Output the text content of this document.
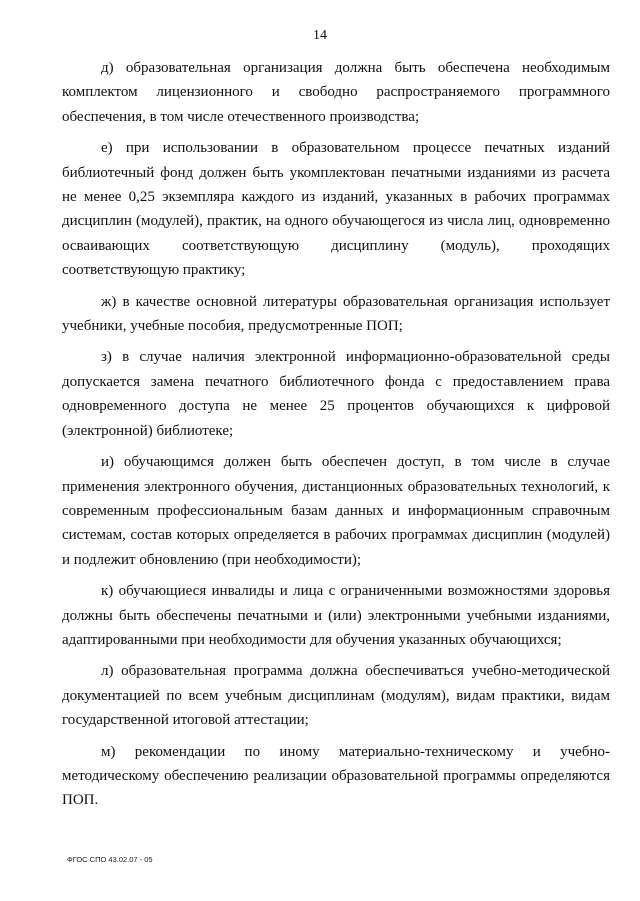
14

д) образовательная организация должна быть обеспечена необходимым комплектом лицензионного и свободно распространяемого программного обеспечения, в том числе отечественного производства;

е) при использовании в образовательном процессе печатных изданий библиотечный фонд должен быть укомплектован печатными изданиями из расчета не менее 0,25 экземпляра каждого из изданий, указанных в рабочих программах дисциплин (модулей), практик, на одного обучающегося из числа лиц, одновременно осваивающих соответствующую дисциплину (модуль), проходящих соответствующую практику;

ж) в качестве основной литературы образовательная организация использует учебники, учебные пособия, предусмотренные ПОП;

з) в случае наличия электронной информационно-образовательной среды допускается замена печатного библиотечного фонда с предоставлением права одновременного доступа не менее 25 процентов обучающихся к цифровой (электронной) библиотеке;

и) обучающимся должен быть обеспечен доступ, в том числе в случае применения электронного обучения, дистанционных образовательных технологий, к современным профессиональным базам данных и информационным справочным системам, состав которых определяется в рабочих программах дисциплин (модулей) и подлежит обновлению (при необходимости);

к) обучающиеся инвалиды и лица с ограниченными возможностями здоровья должны быть обеспечены печатными и (или) электронными учебными изданиями, адаптированными при необходимости для обучения указанных обучающихся;

л) образовательная программа должна обеспечиваться учебно-методической документацией по всем учебным дисциплинам (модулям), видам практики, видам государственной итоговой аттестации;

м) рекомендации по иному материально-техническому и учебно-методическому обеспечению реализации образовательной программы определяются ПОП.

ФГОС СПО 43.02.07 - 05
